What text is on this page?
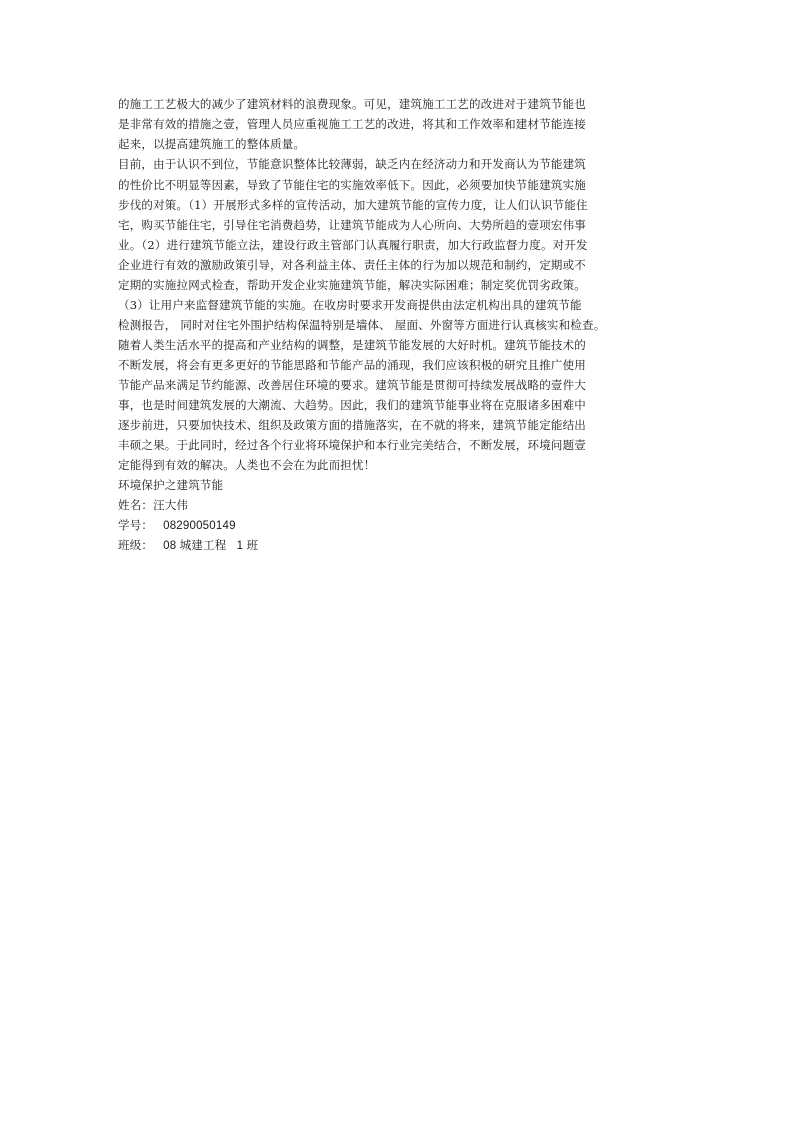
的施工工艺极大的减少了建筑材料的浪费现象。可见，建筑施工工艺的改进对于建筑节能也
是非常有效的措施之壹，管理人员应重视施工工艺的改进，将其和工作效率和建材节能连接
起来，以提高建筑施工的整体质量。
目前，由于认识不到位，节能意识整体比较薄弱，缺乏内在经济动力和开发商认为节能建筑
的性价比不明显等因素，导致了节能住宅的实施效率低下。因此，必须要加快节能建筑实施
步伐的对策。（1）开展形式多样的宣传活动，加大建筑节能的宣传力度，让人们认识节能住
宅，购买节能住宅，引导住宅消费趋势，让建筑节能成为人心所向、大势所趋的壹项宏伟事
业。（2）进行建筑节能立法，建设行政主管部门认真履行职责，加大行政监督力度。对开发
企业进行有效的激励政策引导，对各利益主体、责任主体的行为加以规范和制约，定期或不
定期的实施拉网式检查，帮助开发企业实施建筑节能，解决实际困难；制定奖优罚劣政策。
（3）让用户来监督建筑节能的实施。在收房时要求开发商提供由法定机构出具的建筑节能
检测报告， 同时对住宅外围护结构保温特别是墙体、 屋面、外窗等方面进行认真核实和检查。
随着人类生活水平的提高和产业结构的调整，是建筑节能发展的大好时机。建筑节能技术的
不断发展，将会有更多更好的节能思路和节能产品的涌现，我们应该积极的研究且推广使用
节能产品来满足节约能源、改善居住环境的要求。建筑节能是贯彻可持续发展战略的壹件大
事，也是时间建筑发展的大潮流、大趋势。因此，我们的建筑节能事业将在克服诸多困难中
逐步前进，只要加快技术、组织及政策方面的措施落实，在不就的将来，建筑节能定能结出
丰硕之果。于此同时，经过各个行业将环境保护和本行业完美结合，不断发展，环境问题壹
定能得到有效的解决。人类也不会在为此而担忧！
环境保护之建筑节能
姓名：汪大伟
学号： 08290050149
班级： 08 城建工程   1 班
